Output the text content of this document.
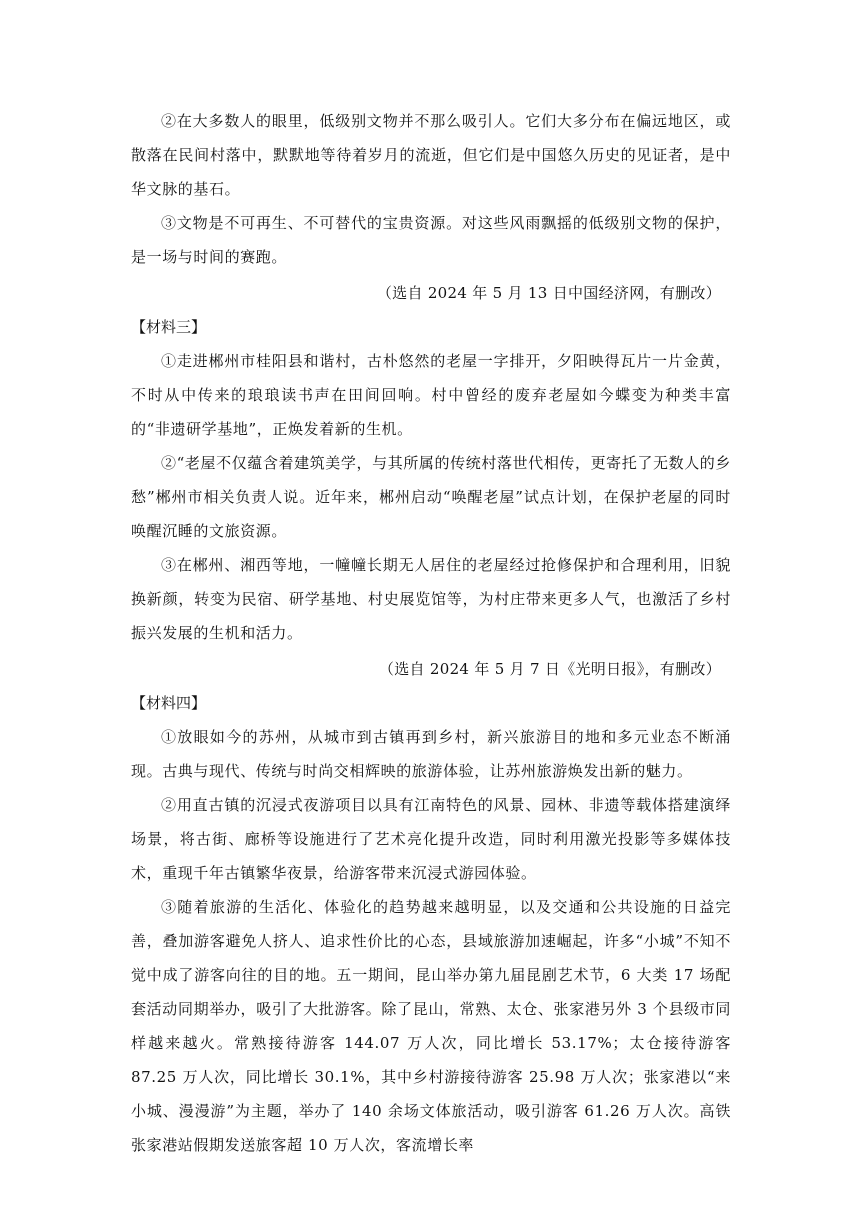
②在大多数人的眼里，低级别文物并不那么吸引人。它们大多分布在偏远地区，或散落在民间村落中，默默地等待着岁月的流逝，但它们是中国悠久历史的见证者，是中华文脉的基石。

③文物是不可再生、不可替代的宝贵资源。对这些风雨飘摇的低级别文物的保护，是一场与时间的赛跑。

（选自 2024 年 5 月 13 日中国经济网，有删改）

【材料三】

①走进郴州市桂阳县和谐村，古朴悠然的老屋一字排开，夕阳映得瓦片一片金黄，不时从中传来的琅琅读书声在田间回响。村中曾经的废弃老屋如今蝶变为种类丰富的“非遗研学基地”，正焕发着新的生机。

②“老屋不仅蕴含着建筑美学，与其所属的传统村落世代相传，更寄托了无数人的乡愁”郴州市相关负责人说。近年来，郴州启动“唤醒老屋”试点计划，在保护老屋的同时唤醒沉睡的文旅资源。

③在郴州、湘西等地，一幢幢长期无人居住的老屋经过抢修保护和合理利用，旧貌换新颜，转变为民宿、研学基地、村史展览馆等，为村庄带来更多人气，也激活了乡村振兴发展的生机和活力。

（选自 2024 年 5 月 7 日《光明日报》，有删改）

【材料四】

①放眼如今的苏州，从城市到古镇再到乡村，新兴旅游目的地和多元业态不断涌现。古典与现代、传统与时尚交相辉映的旅游体验，让苏州旅游焕发出新的魅力。

②用直古镇的沉浸式夜游项目以具有江南特色的风景、园林、非遗等载体搭建演绎场景，将古街、廊桥等设施进行了艺术亮化提升改造，同时利用激光投影等多媒体技术，重现千年古镇繁华夜景，给游客带来沉浸式游园体验。

③随着旅游的生活化、体验化的趋势越来越明显，以及交通和公共设施的日益完善，叠加游客避免人挤人、追求性价比的心态，县域旅游加速崛起，许多“小城”不知不觉中成了游客向往的目的地。五一期间，昆山举办第九届昆剧艺术节，6 大类 17 场配套活动同期举办，吸引了大批游客。除了昆山，常熟、太仓、张家港另外 3 个县级市同样越来越火。常熟接待游客 144.07 万人次，同比增长 53.17%；太仓接待游客 87.25 万人次，同比增长 30.1%，其中乡村游接待游客 25.98 万人次；张家港以“来小城、漫漫游”为主题，举办了 140 余场文体旅活动，吸引游客 61.26 万人次。高铁张家港站假期发送旅客超 10 万人次，客流增长率
